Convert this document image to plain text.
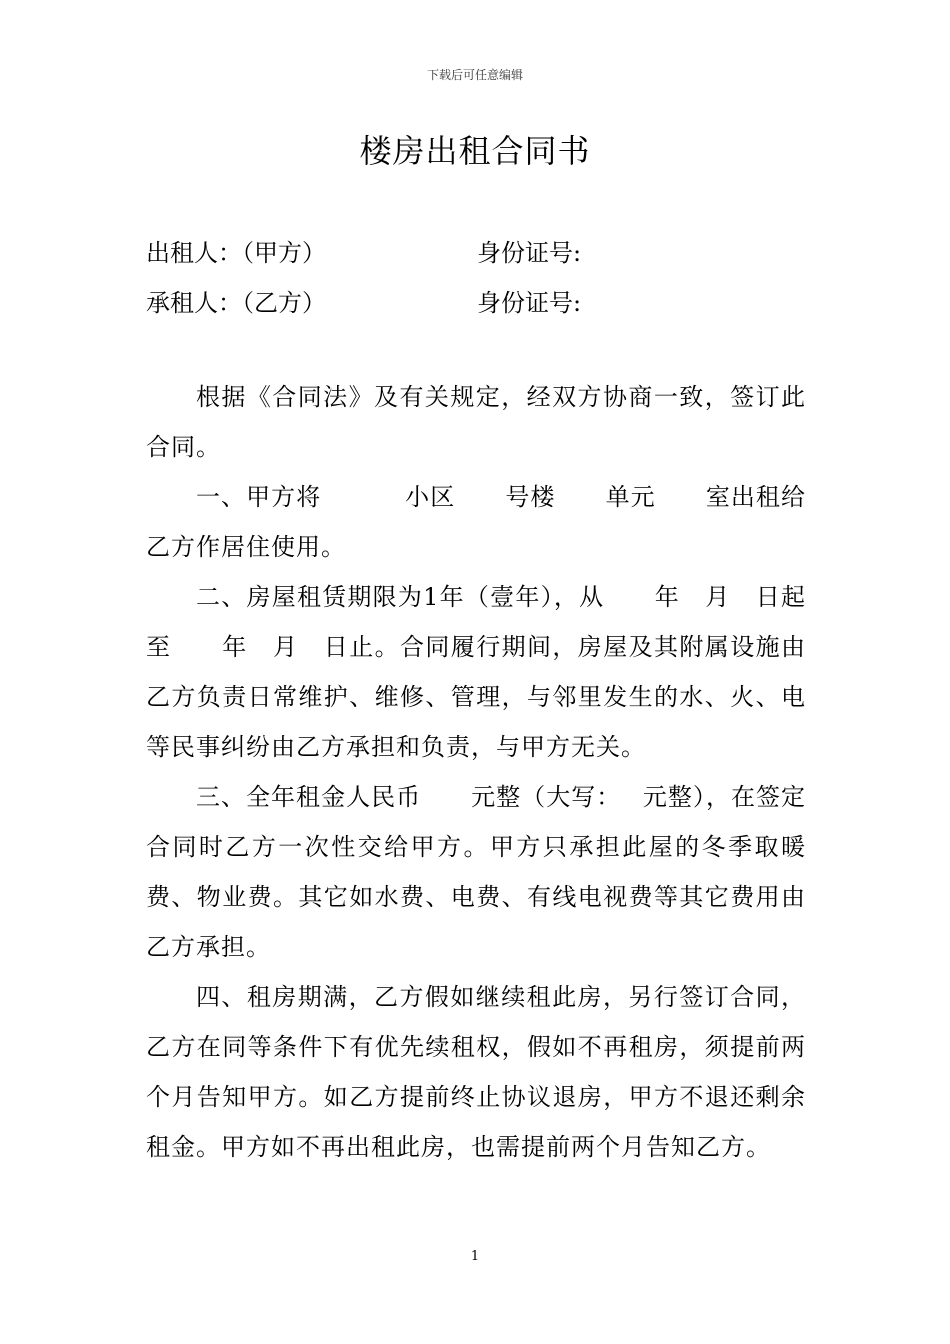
下载后可任意编辑
楼房出租合同书
出租人：（甲方）	身份证号:
承租人：（乙方）	身份证号:

根据《合同法》及有关规定，经双方协商一致，签订此合同。

一、甲方将　　　 小区　　号楼　　单元　　室出租给乙方作居住使用。

二、房屋租赁期限为1年（壹年），从　　年　月　日起至　　年　月　日止。合同履行期间，房屋及其附属设施由乙方负责日常维护、维修、管理，与邻里发生的水、火、电等民事纠纷由乙方承担和负责，与甲方无关。

三、全年租金人民币　　元整（大写：　 元整），在签定合同时乙方一次性交给甲方。甲方只承担此屋的冬季取暖费、物业费。其它如水费、电费、有线电视费等其它费用由乙方承担。

四、租房期满，乙方假如继续租此房，另行签订合同，乙方在同等条件下有优先续租权，假如不再租房，须提前两个月告知甲方。如乙方提前终止协议退房，甲方不退还剩余租金。甲方如不再出租此房，也需提前两个月告知乙方。

1
